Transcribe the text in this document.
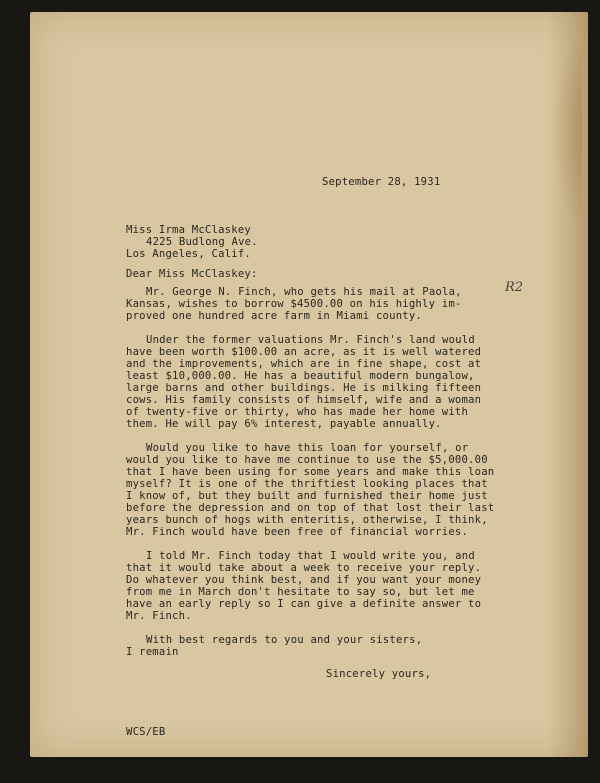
September 28, 1931
Miss Irma McClaskey
4225 Budlong Ave.
Los Angeles, Calif.
Dear Miss McClaskey:
Mr. George N. Finch, who gets his mail at Paola,
Kansas, wishes to borrow $4500.00 on his highly im-
proved one hundred acre farm in Miami county.
Under the former valuations Mr. Finch's land would
have been worth $100.00 an acre, as it is well watered
and the improvements, which are in fine shape, cost at
least $10,000.00. He has a beautiful modern bungalow,
large barns and other buildings. He is milking fifteen
cows. His family consists of himself, wife and a woman
of twenty-five or thirty, who has made her home with
them. He will pay 6% interest, payable annually.
Would you like to have this loan for yourself, or
would you like to have me continue to use the $5,000.00
that I have been using for some years and make this loan
myself? It is one of the thriftiest looking places that
I know of, but they built and furnished their home just
before the depression and on top of that lost their last
years bunch of hogs with enteritis, otherwise, I think,
Mr. Finch would have been free of financial worries.
I told Mr. Finch today that I would write you, and
that it would take about a week to receive your reply.
Do whatever you think best, and if you want your money
from me in March don't hesitate to say so, but let me
have an early reply so I can give a definite answer to
Mr. Finch.
With best regards to you and your sisters,
I remain
Sincerely yours,
WCS/EB
R2
